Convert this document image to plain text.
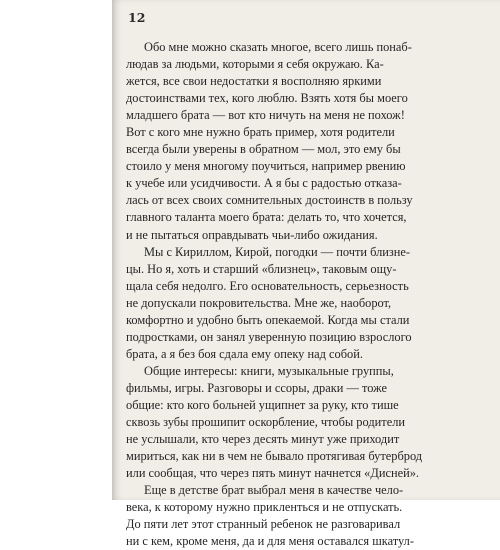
12
Обо мне можно сказать многое, всего лишь понаб-
людав за людьми, которыми я себя окружаю. Ка-
жется, все свои недостатки я восполняю яркими
достоинствами тех, кого люблю. Взять хотя бы моего
младшего брата — вот кто ничуть на меня не похож!
Вот с кого мне нужно брать пример, хотя родители
всегда были уверены в обратном — мол, это ему бы
стоило у меня многому поучиться, например рвению
к учебе или усидчивости. А я бы с радостью отказа-
лась от всех своих сомнительных достоинств в пользу
главного таланта моего брата: делать то, что хочется,
и не пытаться оправдывать чьи-либо ожидания.
Мы с Кириллом, Кирой, погодки — почти близне-
цы. Но я, хоть и старший «близнец», таковым ощу-
щала себя недолго. Его основательность, серьезность
не допускали покровительства. Мне же, наоборот,
комфортно и удобно быть опекаемой. Когда мы стали
подростками, он занял уверенную позицию взрослого
брата, а я без боя сдала ему опеку над собой.
Общие интересы: книги, музыкальные группы,
фильмы, игры. Разговоры и ссоры, драки — тоже
общие: кто кого больней ущипнет за руку, кто тише
сквозь зубы прошипит оскорбление, чтобы родители
не услышали, кто через десять минут уже приходит
мириться, как ни в чем не бывало протягивая бутерброд
или сообщая, что через пять минут начнется «Дисней».
Еще в детстве брат выбрал меня в качестве чело-
века, к которому нужно прикленться и не отпускать.
До пяти лет этот странный ребенок не разговаривал
ни с кем, кроме меня, да и для меня оставался шкатул-
